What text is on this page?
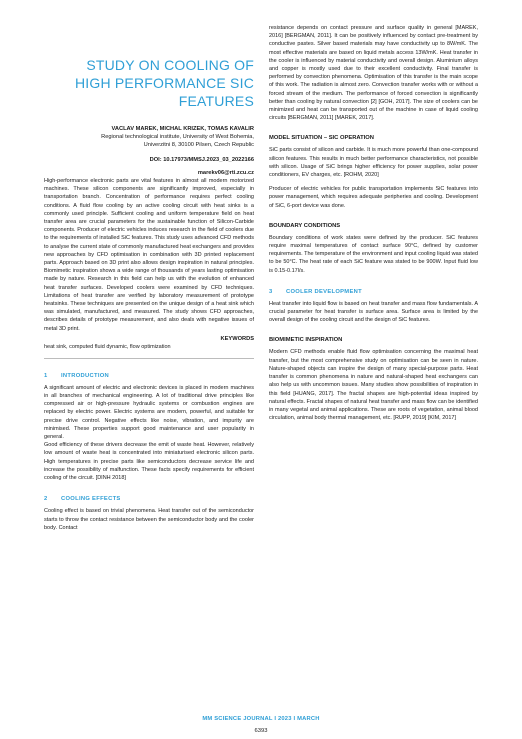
STUDY ON COOLING OF
HIGH PERFORMANCE SIC
FEATURES
VACLAV MAREK, MICHAL KRIZEK, TOMAS KAVALIR
Regional technological institute, University of West Bohemia,
Univerzitni 8, 30100 Pilsen, Czech Republic
DOI: 10.17973/MMSJ.2023_03_2022166
marekv06@rti.zcu.cz

High-performance electronic parts are vital features in almost all modern motorized machines. These silicon components are significantly improved, especially in transportation branch. Concentration of performance requires perfect cooling conditions. A fluid flow cooling by an active cooling circuit with heat sinks is a commonly used principle. Sufficient cooling and uniform temperature field on heat transfer area are crucial parameters for the sustainable function of Silicon-Carbide components. Producer of electric vehicles induces research in the field of coolers due to the requirements of installed SiC features. This study uses advanced CFD methods to analyse the current state of commonly manufactured heat exchangers and provides new approaches by CFD optimisation in combination with 3D printed replacement parts. Approach based on 3D print also allows design inspiration in natural principles. Biomimetic inspiration shows a wide range of thousands of years lasting optimisation made by nature. Research in this field can help us with the evolution of enhanced heat transfer surfaces. Developed coolers were examined by CFD techniques. Limitations of heat transfer are verified by laboratory measurement of prototype heatsinks. These techniques are presented on the unique design of a heat sink which was simulated, manufactured, and measured. The study shows CFD approaches, describes details of prototype measurement, and also deals with negative issues of metal 3D print.

KEYWORDS
heat sink, computed fluid dynamic, flow optimization
1 INTRODUCTION

A significant amount of electric and electronic devices is placed in modern machines in all branches of mechanical engineering. A lot of traditional drive principles like compressed air or high-pressure hydraulic systems or combustion engines are replaced by electric power. Electric systems are modern, powerful, and suitable for precise drive control. Negative effects like noise, vibration, and impurity are minimised. These properties support good maintenance and user popularity in general.

Good efficiency of these drivers decrease the emit of waste heat. However, relatively low amount of waste heat is concentrated into miniaturised electronic silicon parts. High temperatures in precise parts like semiconductors decrease service life and increase the possibility of malfunction. These facts specify requirements for efficient cooling of the circuit. [DINH 2018]

2 COOLING EFFECTS

Cooling effect is based on trivial phenomena. Heat transfer out of the semiconductor starts to throw the contact resistance between the semiconductor body and the cooler body. Contact

resistance depends on contact pressure and surface quality in general [MAREK, 2016] [BERGMAN, 2011]. It can be positively influenced by contact pre-treatment by conductive pastes. Silver based materials may have conductivity up to 8W/mK. The most effective materials are based on liquid metals access 13W/mK. Heat transfer in the cooler is influenced by material conductivity and overall design. Aluminium alloys and copper is mostly used due to their excellent conductivity. Final transfer is performed by convection phenomena. Optimisation of this transfer is the main scope of this work. The radiation is almost zero. Convection transfer works with or without a forced stream of the medium. The performance of forced convection is significantly better than cooling by natural convection [2] [GOH, 2017]. The size of coolers can be minimized and heat can be transported out of the machine in case of liquid cooling circuits [BERGMAN, 2011] [MAREK, 2017].

MODEL SITUATION – SIC OPERATION

SiC parts consist of silicon and carbide. It is much more powerful than one-compound silicon features. This results in much better performance characteristics, not possible with silicon. Usage of SiC brings higher efficiency for power supplies, solar power conditioners, EV charges, etc. [ROHM, 2020]

Producer of electric vehicles for public transportation implements SiC features into power management, which requires adequate peripheries and cooling. Development of SiC, 6-port device was done.

BOUNDARY CONDITIONS

Boundary conditions of work states were defined by the producer. SiC features require maximal temperatures of contact surface 90°C, defined by customer requirements. The temperature of the environment and input cooling liquid was stated to be 50°C. The heat rate of each SiC feature was stated to be 900W. Input fluid low is 0.15-0.17l/s.

3 COOLER DEVELOPMENT

Heat transfer into liquid flow is based on heat transfer and mass flow fundamentals. A crucial parameter for heat transfer is surface area. Surface area is limited by the overall design of the cooling circuit and the design of SiC features.

BIOMIMETIC INSPIRATION

Modern CFD methods enable fluid flow optimisation concerning the maximal heat transfer, but the most comprehensive study on optimisation can be seen in nature. Nature-shaped objects can inspire the design of many special-purpose parts. Heat transfer is common phenomena in nature and natural-shaped heat exchangers can also help us with uncommon issues. Many studies show possibilities of inspiration in this field [HUANG, 2017]. The fractal shapes are high-potential ideas inspired by natural effects. Fractal shapes of natural heat transfer and mass flow can be identified in many vegetal and animal applications. These are roots of vegetation, animal blood circulation, animal body thermal management, etc. [RUPP, 2019] [KIM, 2017]

MM SCIENCE JOURNAL I 2023 I MARCH
6393
